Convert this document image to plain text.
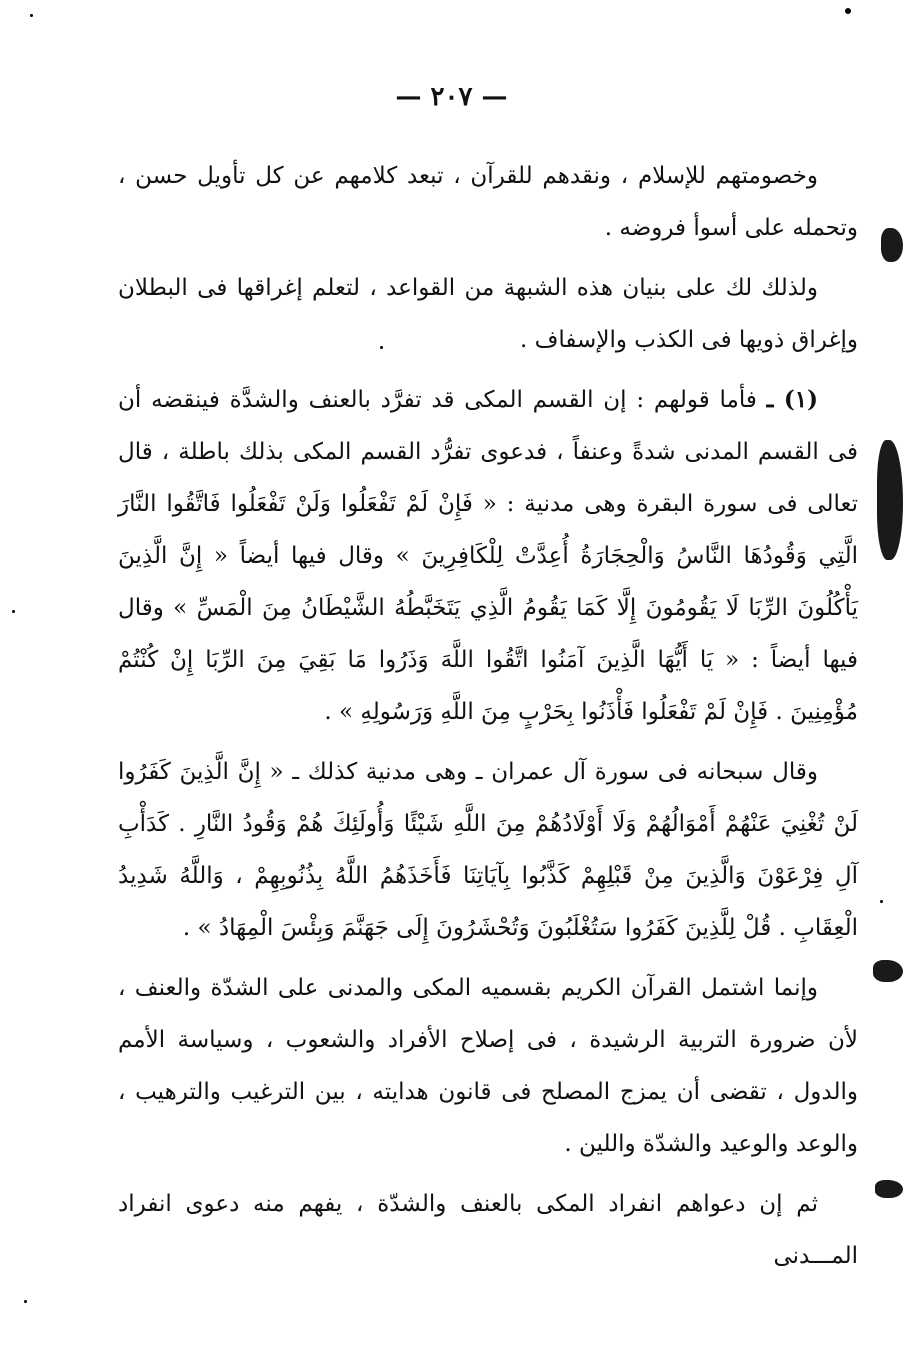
— ٢٠٧ —

وخصومتهم للإسلام ، ونقدهم للقرآن ، تبعد كلامهم عن كل تأويل حسن ، وتحمله على أسوأ فروضه .

ولذلك لك على بنيان هذه الشبهة من القواعد ، لتعلم إغراقها فى البطلان وإغراق ذويها فى الكذب والإسفاف .

(١) ـ فأما قولهم : إن القسم المكى قد تفرَّد بالعنف والشدَّة فينقضه أن فى القسم المدنى شدةً وعنفاً ، فدعوى تفرُّد القسم المكى بذلك باطلة ، قال تعالى فى سورة البقرة وهى مدنية : « فَإِنْ لَمْ تَفْعَلُوا وَلَنْ تَفْعَلُوا فَاتَّقُوا النَّارَ الَّتِي وَقُودُهَا النَّاسُ وَالْحِجَارَةُ أُعِدَّتْ لِلْكَافِرِينَ » وقال فيها أيضاً « إِنَّ الَّذِينَ يَأْكُلُونَ الرِّبَا لَا يَقُومُونَ إِلَّا كَمَا يَقُومُ الَّذِي يَتَخَبَّطُهُ الشَّيْطَانُ مِنَ الْمَسِّ » وقال فيها أيضاً : « يَا أَيُّهَا الَّذِينَ آمَنُوا اتَّقُوا اللَّهَ وَذَرُوا مَا بَقِيَ مِنَ الرِّبَا إِنْ كُنْتُمْ مُؤْمِنِينَ . فَإِنْ لَمْ تَفْعَلُوا فَأْذَنُوا بِحَرْبٍ مِنَ اللَّهِ وَرَسُولِهِ » .

وقال سبحانه فى سورة آل عمران ـ وهى مدنية كذلك ـ « إِنَّ الَّذِينَ كَفَرُوا لَنْ تُغْنِيَ عَنْهُمْ أَمْوَالُهُمْ وَلَا أَوْلَادُهُمْ مِنَ اللَّهِ شَيْئًا وَأُولَئِكَ هُمْ وَقُودُ النَّارِ . كَدَأْبِ آلِ فِرْعَوْنَ وَالَّذِينَ مِنْ قَبْلِهِمْ كَذَّبُوا بِآيَاتِنَا فَأَخَذَهُمُ اللَّهُ بِذُنُوبِهِمْ ، وَاللَّهُ شَدِيدُ الْعِقَابِ . قُلْ لِلَّذِينَ كَفَرُوا سَتُغْلَبُونَ وَتُحْشَرُونَ إِلَى جَهَنَّمَ وَبِئْسَ الْمِهَادُ » .

وإنما اشتمل القرآن الكريم بقسميه المكى والمدنى على الشدّة والعنف ، لأن ضرورة التربية الرشيدة ، فى إصلاح الأفراد والشعوب ، وسياسة الأمم والدول ، تقضى أن يمزج المصلح فى قانون هدايته ، بين الترغيب والترهيب ، والوعد والوعيد والشدّة واللين .

ثم إن دعواهم انفراد المكى بالعنف والشدّة ، يفهم منه دعوى انفراد المـــدنى
